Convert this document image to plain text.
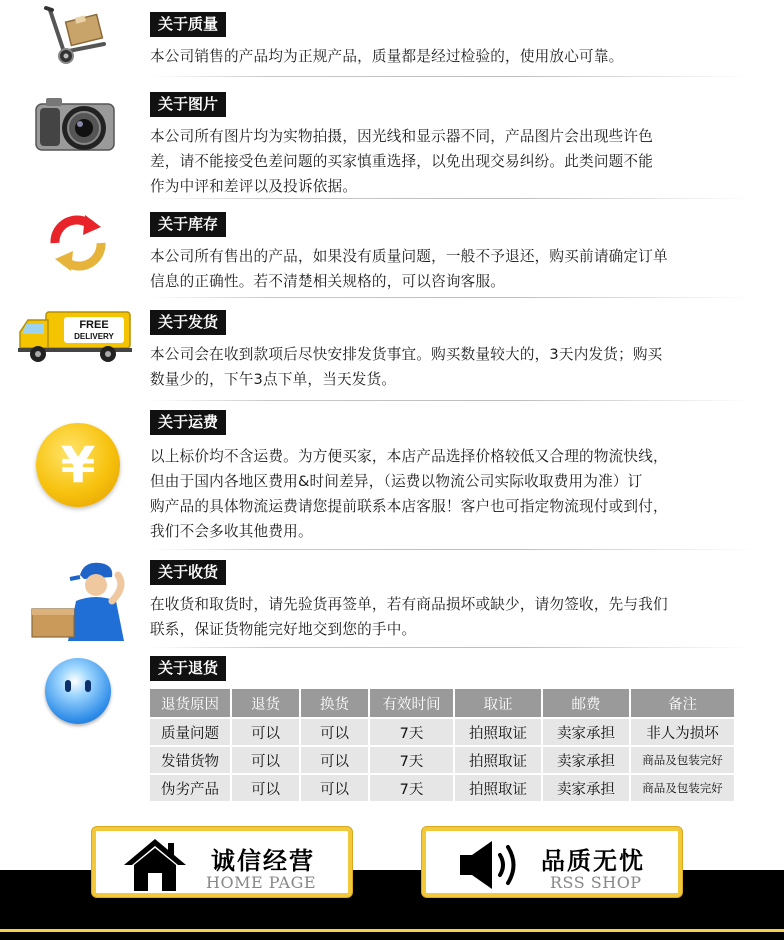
关于质量
本公司销售的产品均为正规产品，质量都是经过检验的，使用放心可靠。
关于图片
本公司所有图片均为实物拍摄，因光线和显示器不同，产品图片会出现些许色
差，请不能接受色差问题的买家慎重选择，以免出现交易纠纷。此类问题不能
作为中评和差评以及投诉依据。
关于库存
本公司所有售出的产品，如果没有质量问题，一般不予退还，购买前请确定订单
信息的正确性。若不清楚相关规格的，可以咨询客服。
FREE
DELIVERY
关于发货
本公司会在收到款项后尽快安排发货事宜。购买数量较大的，3天内发货；购买
数量少的，下午3点下单，当天发货。
¥
关于运费
以上标价均不含运费。为方便买家，本店产品选择价格较低又合理的物流快线，
但由于国内各地区费用&时间差异，（运费以物流公司实际收取费用为准）订
购产品的具体物流运费请您提前联系本店客服！客户也可指定物流现付或到付，
我们不会多收其他费用。
关于收货
在收货和取货时，请先验货再签单，若有商品损坏或缺少，请勿签收，先与我们
联系，保证货物能完好地交到您的手中。
关于退货
退货原因	退货	换货	有效时间	取证	邮费	备注
质量问题	可以	可以	7天	拍照取证	卖家承担	非人为损坏
发错货物	可以	可以	7天	拍照取证	卖家承担	商品及包装完好
伪劣产品	可以	可以	7天	拍照取证	卖家承担	商品及包装完好
诚信经营
HOME PAGE
品质无忧
RSS SHOP
